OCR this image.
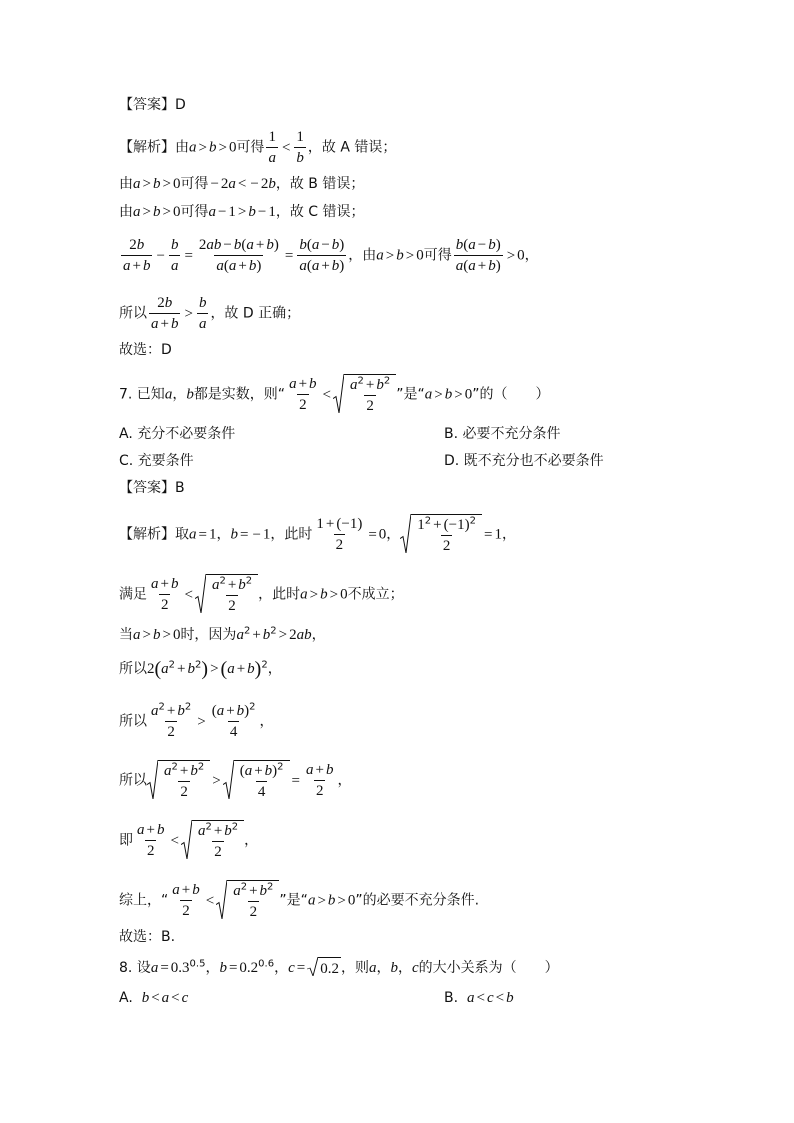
【答案】D
【解析】由a > b > 0可得 $\frac{1}{a} < \frac{1}{b}$ ，故 A 错误；
由a > b > 0可得 − 2a < − 2b，故 B 错误；
由a > b > 0可得a − 1 > b − 1，故 C 错误；
$\frac{2b}{a + b} - \frac{b}{a} = \frac{2ab - b(a + b)}{a(a + b)} = \frac{b(a - b)}{a(a + b)}$ ，由a > b > 0可得 $\frac{b(a - b)}{a(a + b)} > 0$，
所以 $\frac{2b}{a + b} > \frac{b}{a}$ ，故 D 正确；
故选：D
7. 已知a，b都是实数，则“ $\frac{a + b}{2} < \frac{a^2 + b^2}{2}$ ”是“a > b > 0”的（　　）
A. 充分不必要条件	B. 必要不充分条件
C. 充要条件	D. 既不充分也不必要条件
【答案】B
【解析】取a = 1，b = − 1，此时 $\frac{1 + (-1)}{2} = 0$， $\frac{1^2 + (-1)^2}{2} = 1$，
满足 $\frac{a + b}{2} < \frac{a^2 + b^2}{2}$ ，此时a > b > 0不成立；
当a > b > 0时，因为$a^2 + b^2 > 2ab$，
所以$2(a^2 + b^2) > (a + b)^2$，
所以 $\frac{a^2 + b^2}{2} > \frac{(a + b)^2}{4}$ ，
所以 $\frac{a^2 + b^2}{2} > \frac{(a + b)^2}{4} = \frac{a + b}{2}$ ，
即 $\frac{a + b}{2} < \frac{a^2 + b^2}{2}$ ，
综上，“ $\frac{a + b}{2} < \frac{a^2 + b^2}{2}$ ”是“a > b > 0”的必要不充分条件.
故选：B.
8. 设$a = 0.3^{0.5}$，$b = 0.2^{0.6}$，c = 0.2 ，则a，b，c的大小关系为（　　）
A. b < a < c	B. a < c < b
